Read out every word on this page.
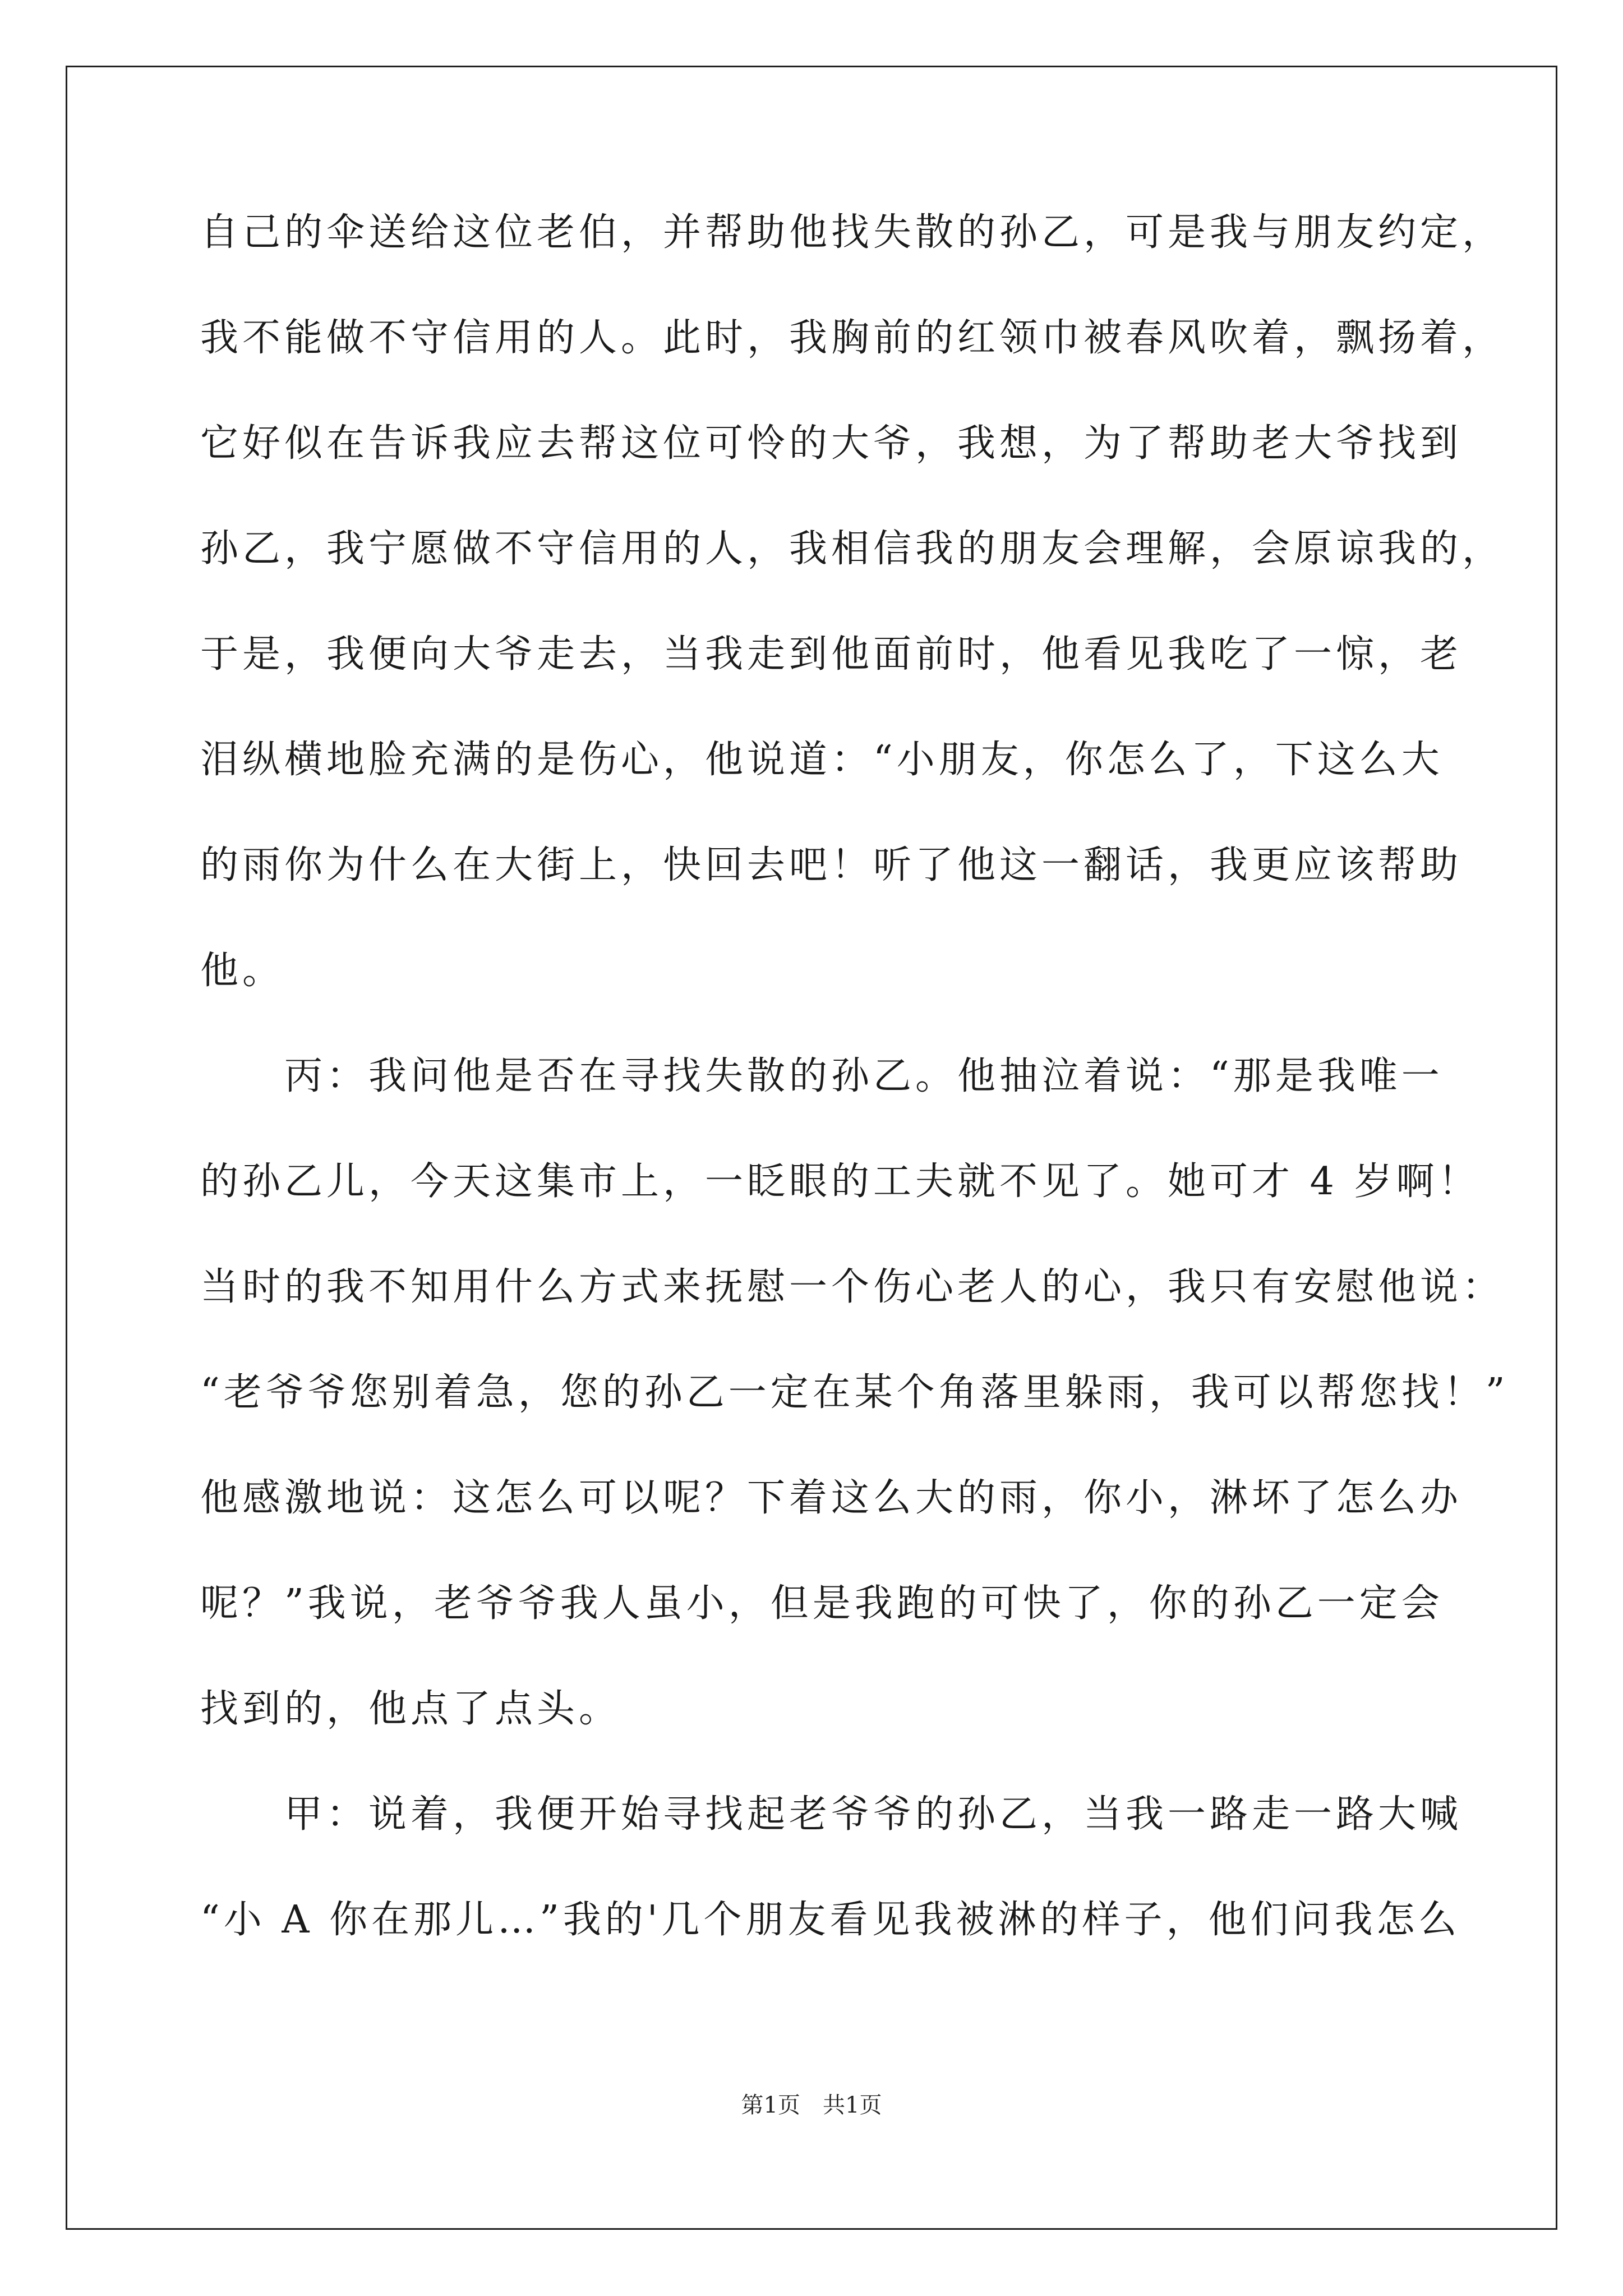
自己的伞送给这位老伯，并帮助他找失散的孙乙，可是我与朋友约定，
我不能做不守信用的人。此时，我胸前的红领巾被春风吹着，飘扬着，
它好似在告诉我应去帮这位可怜的大爷，我想，为了帮助老大爷找到
孙乙，我宁愿做不守信用的人，我相信我的朋友会理解，会原谅我的，
于是，我便向大爷走去，当我走到他面前时，他看见我吃了一惊，老
泪纵横地脸充满的是伤心，他说道：“小朋友，你怎么了，下这么大
的雨你为什么在大街上，快回去吧！听了他这一翻话，我更应该帮助
他。
　　丙：我问他是否在寻找失散的孙乙。他抽泣着说：“那是我唯一
的孙乙儿，今天这集市上，一眨眼的工夫就不见了。她可才 4 岁啊！
当时的我不知用什么方式来抚慰一个伤心老人的心，我只有安慰他说：
“老爷爷您别着急，您的孙乙一定在某个角落里躲雨，我可以帮您找！”
他感激地说：这怎么可以呢？下着这么大的雨，你小，淋坏了怎么办
呢？”我说，老爷爷我人虽小，但是我跑的可快了，你的孙乙一定会
找到的，他点了点头。
　　甲：说着，我便开始寻找起老爷爷的孙乙，当我一路走一路大喊
“小 A 你在那儿…”我的'几个朋友看见我被淋的样子，他们问我怎么
第1页　共1页
